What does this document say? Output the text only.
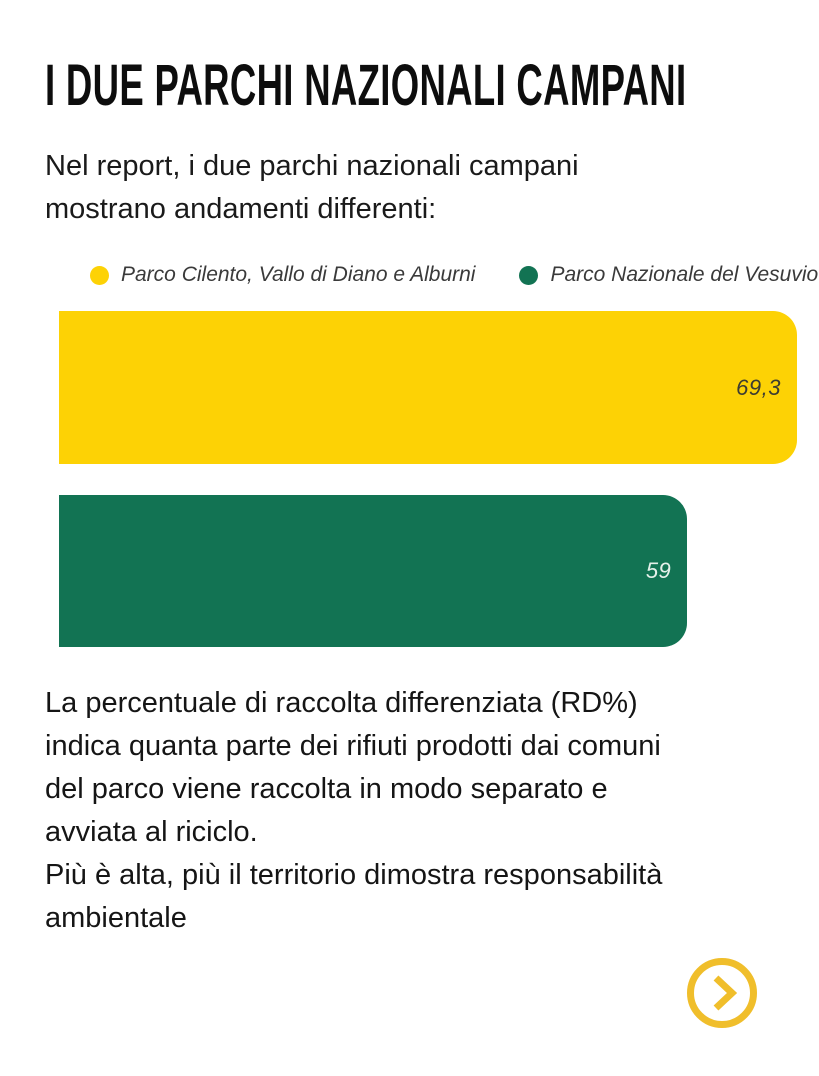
I DUE PARCHI NAZIONALI CAMPANI
Nel report, i due parchi nazionali campani
mostrano andamenti differenti:
Parco Cilento, Vallo di Diano e Alburni	Parco Nazionale del Vesuvio
69,3
59
La percentuale di raccolta differenziata (RD%)
indica quanta parte dei rifiuti prodotti dai comuni
del parco viene raccolta in modo separato e
avviata al riciclo.
Più è alta, più il territorio dimostra responsabilità
ambientale
